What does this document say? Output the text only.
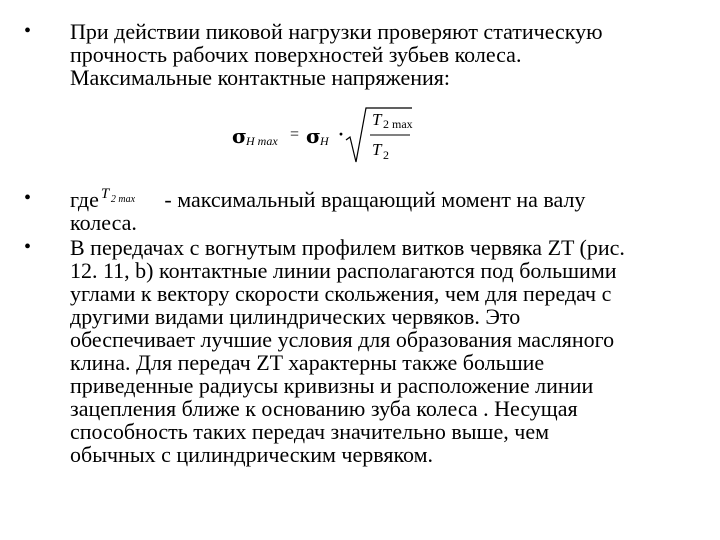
• При действии пиковой нагрузки проверяют статическую
прочность рабочих поверхностей зубьев колеса.
Максимальные контактные напряжения:
σ H max = σ H ·
T 2 max
T 2
• где T 2 max - максимальный вращающий момент на валу
колеса.
• В передачах с вогнутым профилем витков червяка ZT (рис.
12. 11, b) контактные линии располагаются под большими
углами к вектору скорости скольжения, чем для передач с
другими видами цилиндрических червяков. Это
обеспечивает лучшие условия для образования масляного
клина. Для передач ZT характерны также большие
приведенные радиусы кривизны и расположение линии
зацепления ближе к основанию зуба колеса . Несущая
способность таких передач значительно выше, чем
обычных с цилиндрическим червяком.
